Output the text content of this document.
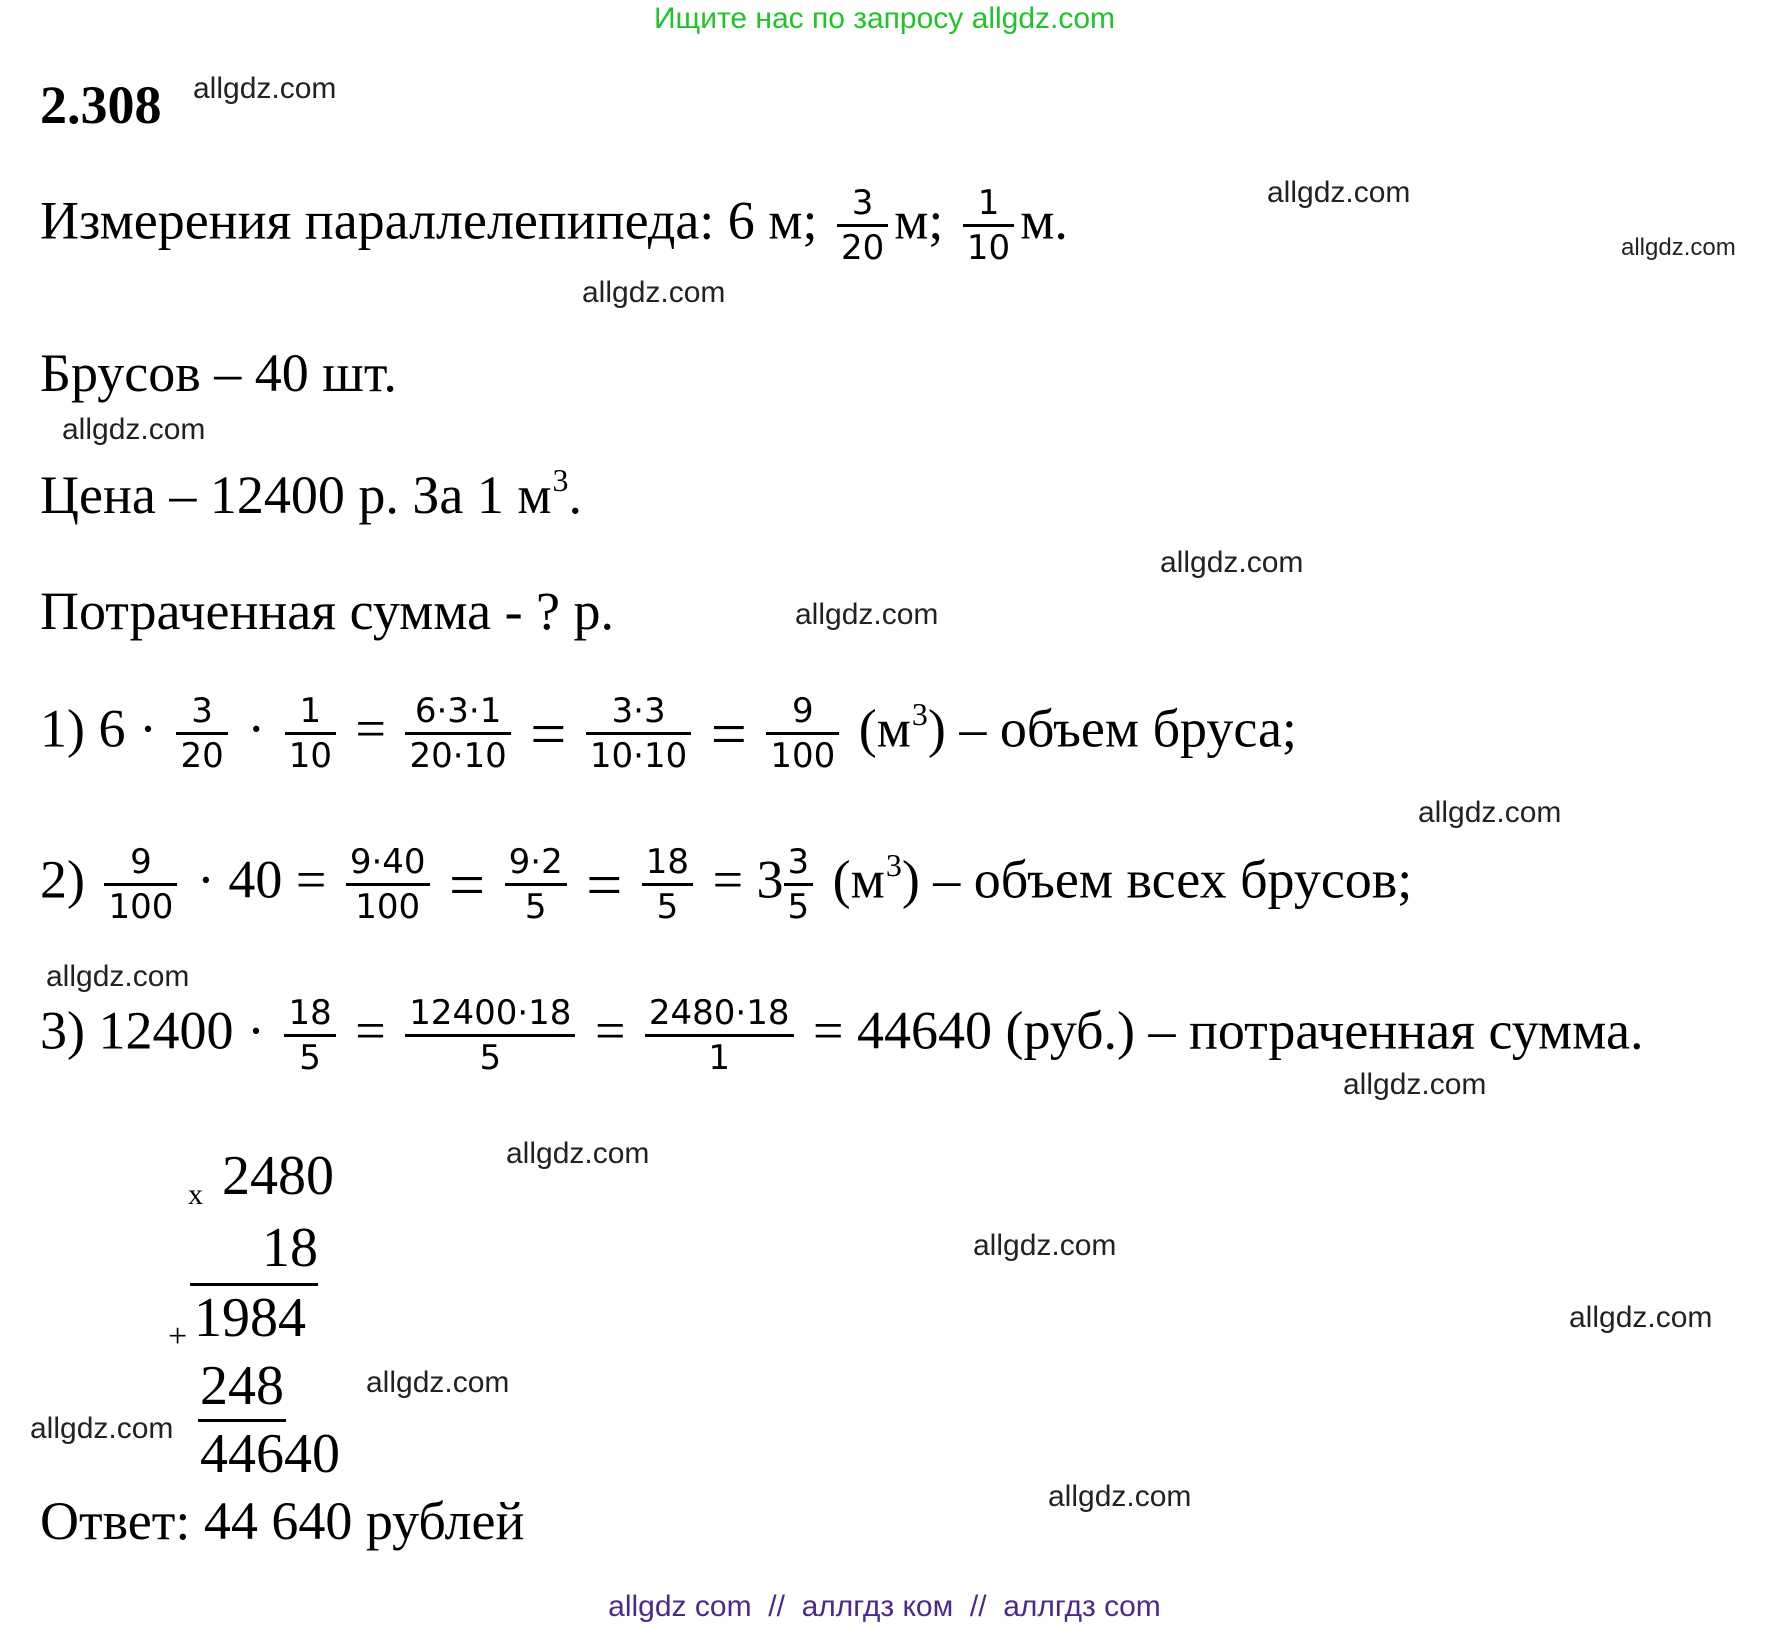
Ищите нас по запросу allgdz.com
2.308
Измерения параллелепипеда: 6 м; $\frac{3}{20} м$; $\frac{1}{10} м$.
Брусов – 40 шт.
Цена – 12400 р. За 1 $м^3$.
Потраченная сумма - ? р.
1) $6 \cdot \frac{3}{20} \cdot \frac{1}{10} = \frac{6\cdot 3\cdot 1}{20\cdot 10} = \frac{3\cdot 3}{10\cdot 10} = \frac{9}{100} (м^3)$ – объем бруса;
$2) \frac{9}{100} \cdot 40 = \frac{9\cdot 40}{100} = \frac{9\cdot 2}{5} = \frac{18}{5} = 3 \frac{3}{5} (м^3)$ – объем всех брусов;
3) $12400 \cdot \frac{18}{5} = \frac{12400\cdot 18}{5} = \frac{2480\cdot 18}{1} = 44640$ (руб.) – потраченная сумма.
x 2480
18
+ 1984
248
44640
Ответ: 44 640 рублей
allgdz.com
allgdz.com
allgdz.com
allgdz.com
allgdz.com
allgdz.com
allgdz.com
allgdz.com
allgdz.com
allgdz.com
allgdz.com
allgdz.com
allgdz.com
allgdz.com
allgdz.com
allgdz.com
allgdz com  //  аллгдз ком  //  аллгдз com
